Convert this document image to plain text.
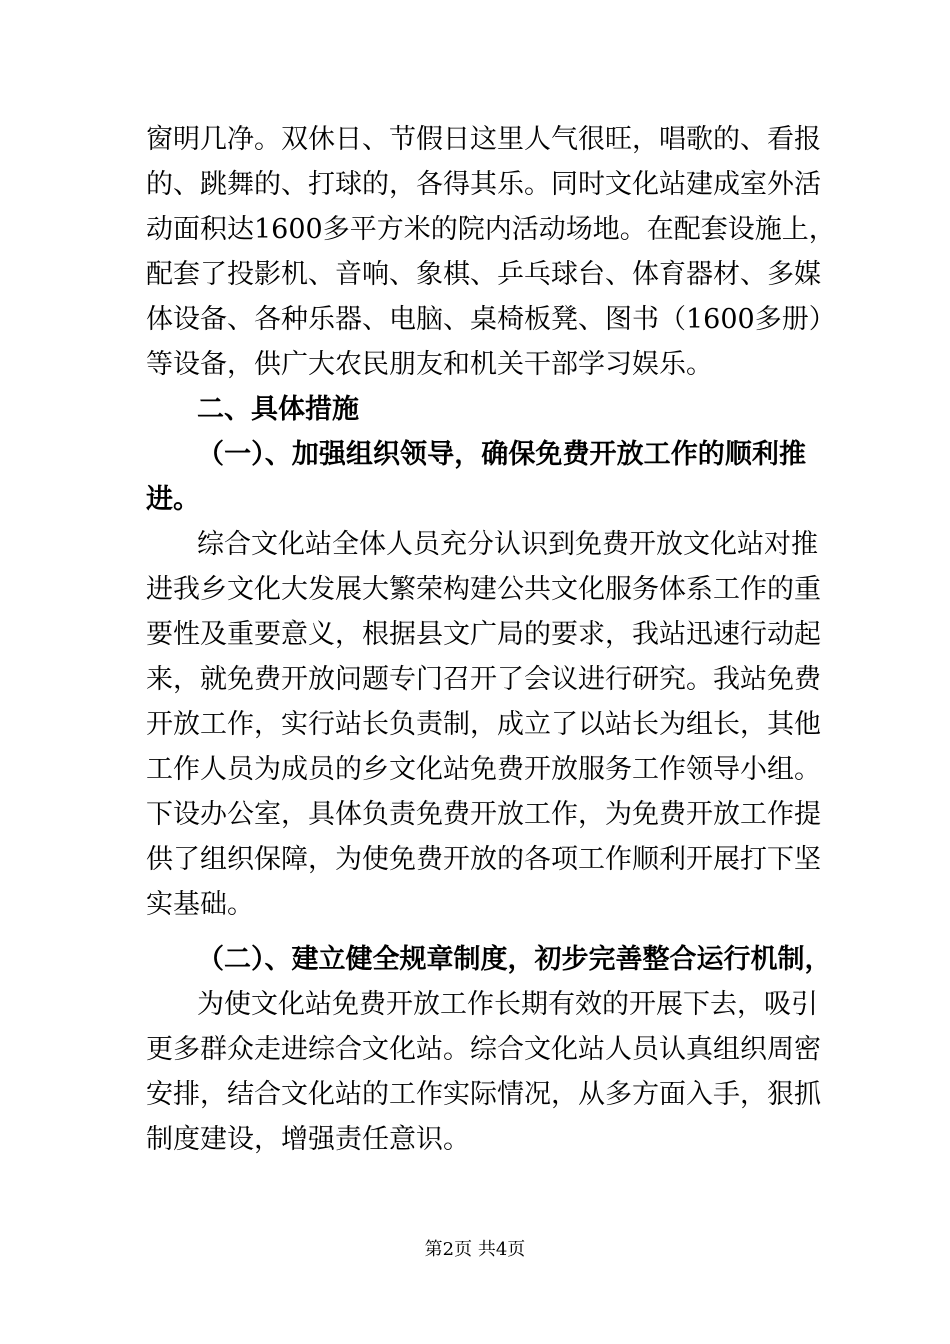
窗明几净。双休日、节假日这里人气很旺，唱歌的、看报
的、跳舞的、打球的，各得其乐。同时文化站建成室外活
动面积达1600多平方米的院内活动场地。在配套设施上，
配套了投影机、音响、象棋、乒乓球台、体育器材、多媒
体设备、各种乐器、电脑、桌椅板凳、图书（1600多册）
等设备，供广大农民朋友和机关干部学习娱乐。
二、具体措施
（一）、加强组织领导，确保免费开放工作的顺利推
进。
综合文化站全体人员充分认识到免费开放文化站对推
进我乡文化大发展大繁荣构建公共文化服务体系工作的重
要性及重要意义，根据县文广局的要求，我站迅速行动起
来，就免费开放问题专门召开了会议进行研究。我站免费
开放工作，实行站长负责制，成立了以站长为组长，其他
工作人员为成员的乡文化站免费开放服务工作领导小组。
下设办公室，具体负责免费开放工作，为免费开放工作提
供了组织保障，为使免费开放的各项工作顺利开展打下坚
实基础。
（二）、建立健全规章制度，初步完善整合运行机制，
为使文化站免费开放工作长期有效的开展下去，吸引
更多群众走进综合文化站。综合文化站人员认真组织周密
安排，结合文化站的工作实际情况，从多方面入手，狠抓
制度建设，增强责任意识。
第2页 共4页
